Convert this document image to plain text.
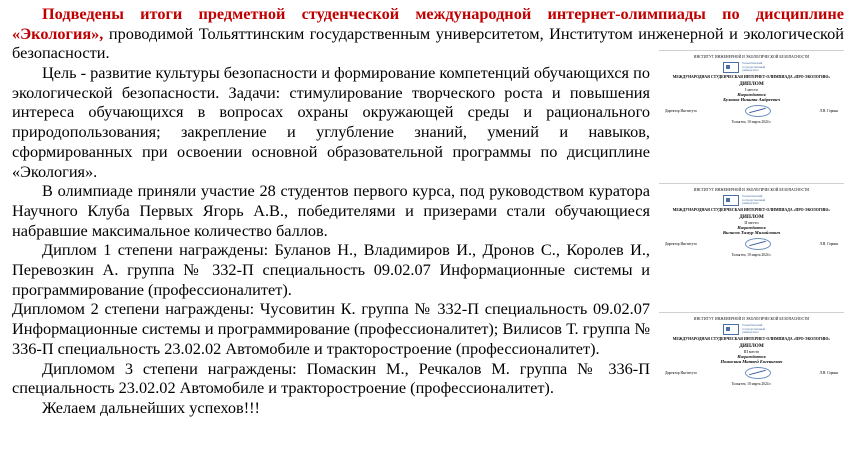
Подведены итоги предметной студенческой международной интернет-олимпиады по дисциплине «Экология», проводимой Тольяттинским государственным университетом, Институтом инженерной и экологической безопасности.

Цель - развитие культуры безопасности и формирование компетенций обучающихся по экологической безопасности. Задачи: стимулирование творческого роста и повышения интереса обучающихся в вопросах охраны окружающей среды и рационального природопользования; закрепление и углубление знаний, умений и навыков, сформированных при освоении основной образовательной программы по дисциплине «Экология».

В олимпиаде приняли участие 28 студентов первого курса, под руководством куратора Научного Клуба Первых Ягорь А.В., победителями и призерами стали обучающиеся набравшие максимальное количество баллов.

Диплом 1 степени награждены: Буланов Н., Владимиров И., Дронов С., Королев И., Перевозкин А. группа № 332-П специальность 09.02.07 Информационные системы и программирование (профессионалитет).

Дипломом 2 степени награждены: Чусовитин К. группа № 332-П специальность 09.02.07 Информационные системы и программирование (профессионалитет); Вилисов Т. группа № 336-П специальность 23.02.02 Автомобиле и тракторостроение (профессионалитет).

Дипломом 3 степени награждены: Помаскин М., Речкалов М. группа № 336-П специальность 23.02.02 Автомобиле и тракторостроение (профессионалитет).

Желаем дальнейших успехов!!!

ИНСТИТУТ ИНЖЕНЕРНОЙ И ЭКОЛОГИЧЕСКОЙ БЕЗОПАСНОСТИ
Тольяттинский государственный университет
МЕЖДУНАРОДНАЯ СТУДЕНЧЕСКАЯ ИНТЕРНЕТ-ОЛИМПИАДА «ПРО-ЭКОЛОГИЮ»
ДИПЛОМ
I место
Награждается
Буланов Никита Андреевич
Директор Института	Л.Н. Горина
Тольятти, 10 марта 2024 г.
ИНСТИТУТ ИНЖЕНЕРНОЙ И ЭКОЛОГИЧЕСКОЙ БЕЗОПАСНОСТИ
Тольяттинский государственный университет
МЕЖДУНАРОДНАЯ СТУДЕНЧЕСКАЯ ИНТЕРНЕТ-ОЛИМПИАДА «ПРО-ЭКОЛОГИЮ»
ДИПЛОМ
II место
Награждается
Вилисов Тимур Михайлович
Директор Института	Л.Н. Горина
Тольятти, 10 марта 2024 г.
ИНСТИТУТ ИНЖЕНЕРНОЙ И ЭКОЛОГИЧЕСКОЙ БЕЗОПАСНОСТИ
Тольяттинский государственный университет
МЕЖДУНАРОДНАЯ СТУДЕНЧЕСКАЯ ИНТЕРНЕТ-ОЛИМПИАДА «ПРО-ЭКОЛОГИЮ»
ДИПЛОМ
III место
Награждается
Помаскин Матвей Евгеньевич
Директор Института	Л.Н. Горина
Тольятти, 10 марта 2024 г.
